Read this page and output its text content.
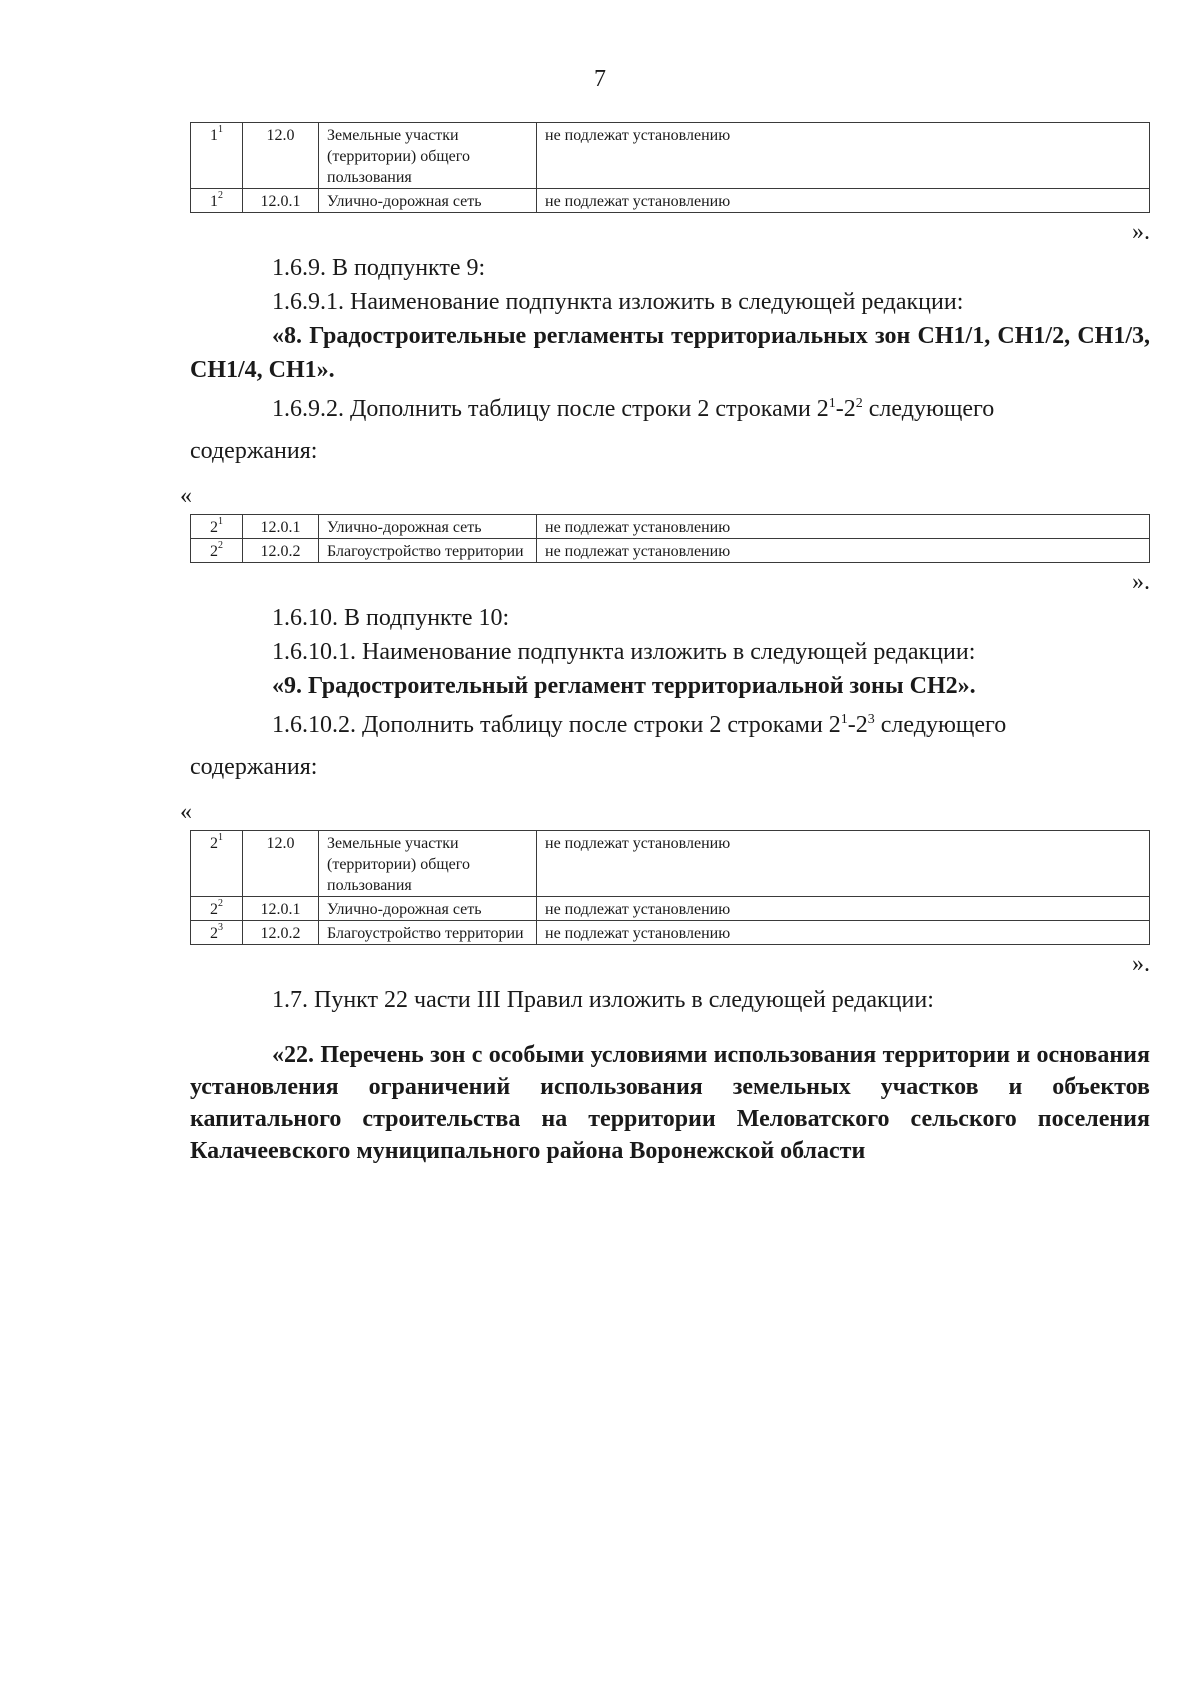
7
$1^1$	12.0	Земельные участки (территории) общего пользования	не подлежат установлению
$1^2$	12.0.1	Улично-дорожная сеть	не подлежат установлению
».

1.6.9. В подпункте 9:

1.6.9.1. Наименование подпункта изложить в следующей редакции:

«8. Градостроительные регламенты территориальных зон СН1/1, СН1/2, СН1/3, СН1/4, СН1».

1.6.9.2. Дополнить таблицу после строки 2 строками $2^1-2^2$ следующего

содержания:

«
$2^1$	12.0.1	Улично-дорожная сеть	не подлежат установлению
$2^2$	12.0.2	Благоустройство территории	не подлежат установлению
».

1.6.10. В подпункте 10:

1.6.10.1. Наименование подпункта изложить в следующей редакции:

«9. Градостроительный регламент территориальной зоны СН2».

1.6.10.2. Дополнить таблицу после строки 2 строками $2^1-2^3$ следующего

содержания:

«
$2^1$	12.0	Земельные участки (территории) общего пользования	не подлежат установлению
$2^2$	12.0.1	Улично-дорожная сеть	не подлежат установлению
$2^3$	12.0.2	Благоустройство территории	не подлежат установлению
».

1.7. Пункт 22 части III Правил изложить в следующей редакции:

«22. Перечень зон с особыми условиями использования территории и основания установления ограничений использования земельных участков и объектов капитального строительства на территории Меловатского сельского поселения Калачеевского муниципального района Воронежской области
